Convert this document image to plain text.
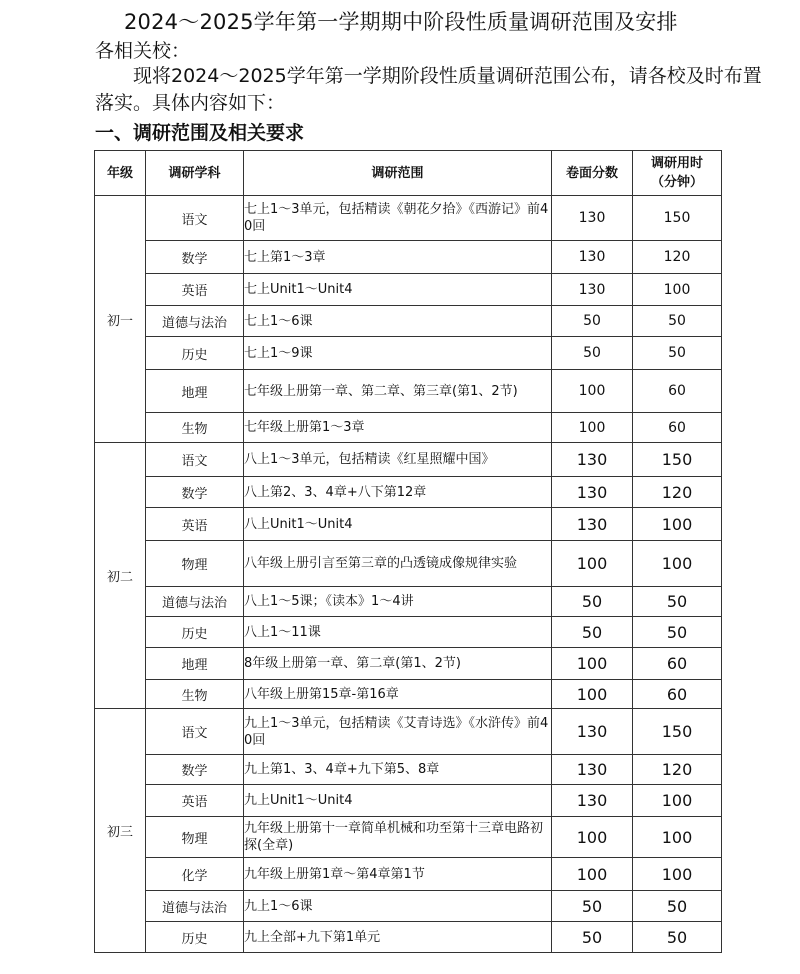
2024～2025学年第一学期期中阶段性质量调研范围及安排
各相关校：
现将2024～2025学年第一学期阶段性质量调研范围公布，请各校及时布置落实。具体内容如下：
一、调研范围及相关要求
年级	调研学科	调研范围	卷面分数	调研用时
（分钟）
初一	语文	七上1～3单元，包括精读《朝花夕拾》《西游记》前40回	130	150
	数学	七上第1～3章	130	120
	英语	七上Unit1～Unit4	130	100
	道德与法治	七上1～6课	50	50
	历史	七上1～9课	50	50
	地理	七年级上册第一章、第二章、第三章(第1、2节)	100	60
	生物	七年级上册第1～3章	100	60
初二	语文	八上1～3单元，包括精读《红星照耀中国》	130	150
	数学	八上第2、3、4章+八下第12章	130	120
	英语	八上Unit1～Unit4	130	100
	物理	八年级上册引言至第三章的凸透镜成像规律实验	100	100
	道德与法治	八上1～5课；《读本》1～4讲	50	50
	历史	八上1～11课	50	50
	地理	8年级上册第一章、第二章(第1、2节)	100	60
	生物	八年级上册第15章-第16章	100	60
初三	语文	九上1～3单元，包括精读《艾青诗选》《水浒传》前40回	130	150
	数学	九上第1、3、4章+九下第5、8章	130	120
	英语	九上Unit1～Unit4	130	100
	物理	九年级上册第十一章简单机械和功至第十三章电路初探(全章)	100	100
	化学	九年级上册第1章～第4章第1节	100	100
	道德与法治	九上1～6课	50	50
	历史	九上全部+九下第1单元	50	50
